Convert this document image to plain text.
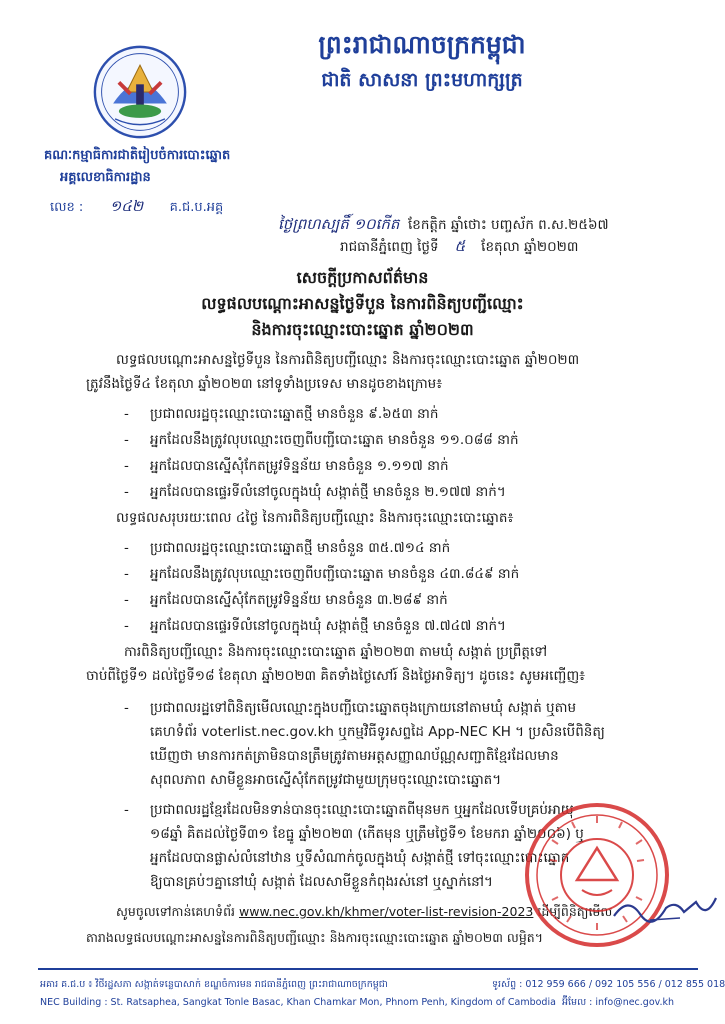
ព្រះរាជាណាចក្រកម្ពុជា
ជាតិ សាសនា ព្រះមហាក្សត្រ
គណៈកម្មាធិការជាតិរៀបចំការបោះឆ្នោត
អគ្គលេខាធិការដ្ឋាន
លេខ : ១៤២ គ.ជ.ប.អគ្គ
ថ្ងៃព្រហស្បតិ៍ ១០កើត ខែកត្តិក ឆ្នាំថោះ បញ្ចស័ក ព.ស.២៥៦៧
រាជធានីភ្នំពេញ ថ្ងៃទី ៥ ខែតុលា ឆ្នាំ២០២៣
សេចក្តីប្រកាសព័ត៌មាន
លទ្ធផលបណ្តោះអាសន្នថ្ងៃទីបួន នៃការពិនិត្យបញ្ជីឈ្មោះ
និងការចុះឈ្មោះបោះឆ្នោត ឆ្នាំ២០២៣
លទ្ធផលបណ្តោះអាសន្នថ្ងៃទីបួន នៃការពិនិត្យបញ្ជីឈ្មោះ និងការចុះឈ្មោះបោះឆ្នោត ឆ្នាំ២០២៣
ត្រូវនឹងថ្ងៃទី៤ ខែតុលា ឆ្នាំ២០២៣ នៅទូទាំងប្រទេស មានដូចខាងក្រោម៖
- ប្រជាពលរដ្ឋចុះឈ្មោះបោះឆ្នោតថ្មី មានចំនួន ៩.៦៥៣ នាក់
- អ្នកដែលនឹងត្រូវលុបឈ្មោះចេញពីបញ្ជីបោះឆ្នោត មានចំនួន ១១.០៨៨ នាក់
- អ្នកដែលបានស្នើសុំកែតម្រូវទិន្នន័យ មានចំនួន ១.១១៧ នាក់
- អ្នកដែលបានផ្ទេរទីលំនៅចូលក្នុងឃុំ សង្កាត់ថ្មី មានចំនួន ២.១៧៧ នាក់។
លទ្ធផលសរុបរយៈពេល ៤ថ្ងៃ នៃការពិនិត្យបញ្ជីឈ្មោះ និងការចុះឈ្មោះបោះឆ្នោត៖
- ប្រជាពលរដ្ឋចុះឈ្មោះបោះឆ្នោតថ្មី មានចំនួន ៣៥.៧១៤ នាក់
- អ្នកដែលនឹងត្រូវលុបឈ្មោះចេញពីបញ្ជីបោះឆ្នោត មានចំនួន ៤៣.៨៤៩ នាក់
- អ្នកដែលបានស្នើសុំកែតម្រូវទិន្នន័យ មានចំនួន ៣.២៨៩ នាក់
- អ្នកដែលបានផ្ទេរទីលំនៅចូលក្នុងឃុំ សង្កាត់ថ្មី មានចំនួន ៧.៧៤៧ នាក់។
ការពិនិត្យបញ្ជីឈ្មោះ និងការចុះឈ្មោះបោះឆ្នោត ឆ្នាំ២០២៣ តាមឃុំ សង្កាត់ ប្រព្រឹត្តទៅ
ចាប់ពីថ្ងៃទី១ ដល់ថ្ងៃទី១៨ ខែតុលា ឆ្នាំ២០២៣ គិតទាំងថ្ងៃសៅរ៍ និងថ្ងៃអាទិត្យ។ ដូចនេះ សូមអញ្ជើញ៖
- ប្រជាពលរដ្ឋទៅពិនិត្យមើលឈ្មោះក្នុងបញ្ជីបោះឆ្នោតចុងក្រោយនៅតាមឃុំ សង្កាត់ ឬតាម
គេហទំព័រ voterlist.nec.gov.kh ឬកម្មវិធីទូរសព្ទដៃ App-NEC KH ។ ប្រសិនបើពិនិត្យ
ឃើញថា មានការកត់ត្រាមិនបានត្រឹមត្រូវតាមអត្តសញ្ញាណប័ណ្ណសញ្ជាតិខ្មែរដែលមាន
សុពលភាព សាមីខ្លួនអាចស្នើសុំកែតម្រូវជាមួយក្រុមចុះឈ្មោះបោះឆ្នោត។
- ប្រជាពលរដ្ឋខ្មែរដែលមិនទាន់បានចុះឈ្មោះបោះឆ្នោតពីមុនមក ឬអ្នកដែលទើបគ្រប់អាយុ
១៨ឆ្នាំ គិតដល់ថ្ងៃទី៣១ ខែធ្នូ ឆ្នាំ២០២៣ (កើតមុន ឬត្រឹមថ្ងៃទី១ ខែមករា ឆ្នាំ២០០៦) ឬ
អ្នកដែលបានផ្លាស់លំនៅឋាន ឬទីសំណាក់ចូលក្នុងឃុំ សង្កាត់ថ្មី ទៅចុះឈ្មោះបោះឆ្នោត
ឱ្យបានគ្រប់ៗគ្នានៅឃុំ សង្កាត់ ដែលសាមីខ្លួនកំពុងរស់នៅ ឬស្នាក់នៅ។
សូមចូលទៅកាន់គេហទំព័រ www.nec.gov.kh/khmer/voter-list-revision-2023 ដើម្បីពិនិត្យមើល
តារាងលទ្ធផលបណ្តោះអាសន្ននៃការពិនិត្យបញ្ជីឈ្មោះ និងការចុះឈ្មោះបោះឆ្នោត ឆ្នាំ២០២៣ លម្អិត។
អគារ គ.ជ.ប ៖ វិថីរដ្ឋសភា សង្កាត់ទន្លេបាសាក់ ខណ្ឌចំការមន រាជធានីភ្នំពេញ ព្រះរាជាណាចក្រកម្ពុជា
NEC Building : St. Ratsaphea, Sangkat Tonle Basac, Khan Chamkar Mon, Phnom Penh, Kingdom of Cambodia
ទូរស័ព្ទ : 012 959 666 / 092 105 556 / 012 855 018
អ៊ីមែល : info@nec.gov.kh
